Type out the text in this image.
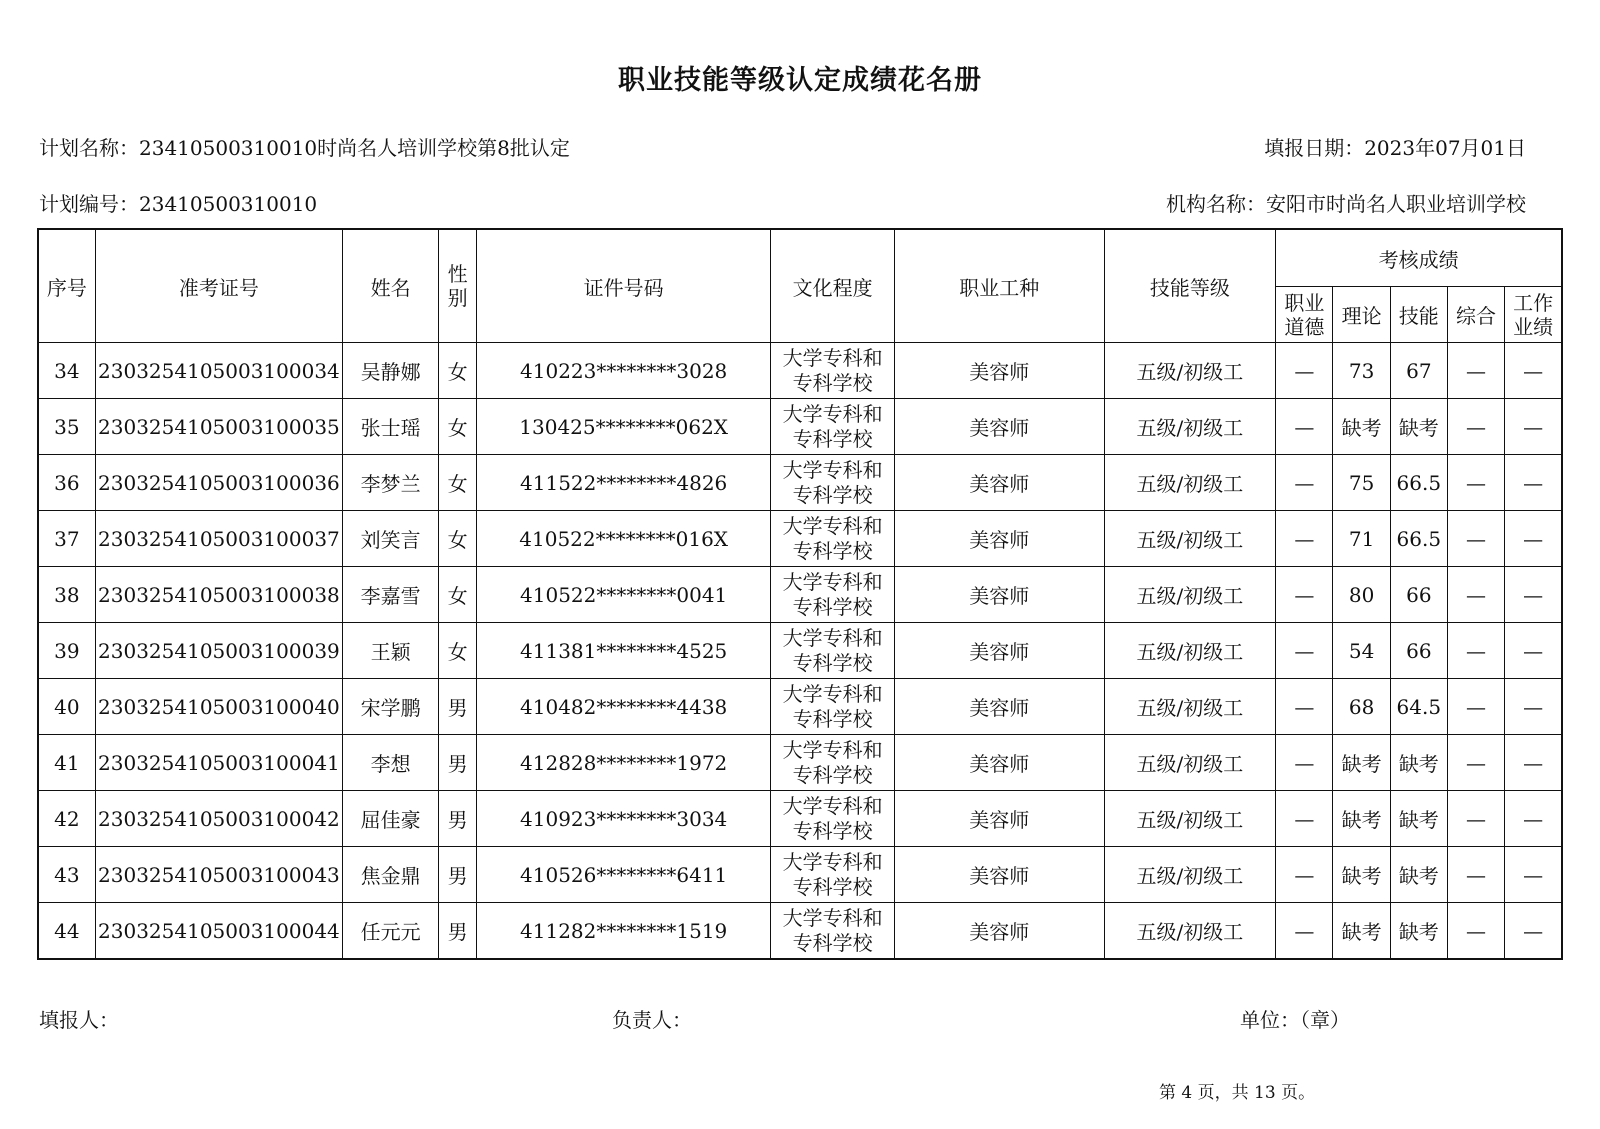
职业技能等级认定成绩花名册
计划名称：23410500310010时尚名人培训学校第8批认定	填报日期：2023年07月01日
计划编号：23410500310010	机构名称：安阳市时尚名人职业培训学校
序号	准考证号	姓名	性
别	证件号码	文化程度	职业工种	技能等级	考核成绩				
								职业
道德	理论	技能	综合	工作
业绩
34	2303254105003100034	吴静娜	女	410223********3028	大学专科和
专科学校	美容师	五级/初级工	—	73	67	—	—
35	2303254105003100035	张士瑶	女	130425********062X	大学专科和
专科学校	美容师	五级/初级工	—	缺考	缺考	—	—
36	2303254105003100036	李梦兰	女	411522********4826	大学专科和
专科学校	美容师	五级/初级工	—	75	66.5	—	—
37	2303254105003100037	刘笑言	女	410522********016X	大学专科和
专科学校	美容师	五级/初级工	—	71	66.5	—	—
38	2303254105003100038	李嘉雪	女	410522********0041	大学专科和
专科学校	美容师	五级/初级工	—	80	66	—	—
39	2303254105003100039	王颖	女	411381********4525	大学专科和
专科学校	美容师	五级/初级工	—	54	66	—	—
40	2303254105003100040	宋学鹏	男	410482********4438	大学专科和
专科学校	美容师	五级/初级工	—	68	64.5	—	—
41	2303254105003100041	李想	男	412828********1972	大学专科和
专科学校	美容师	五级/初级工	—	缺考	缺考	—	—
42	2303254105003100042	屈佳豪	男	410923********3034	大学专科和
专科学校	美容师	五级/初级工	—	缺考	缺考	—	—
43	2303254105003100043	焦金鼎	男	410526********6411	大学专科和
专科学校	美容师	五级/初级工	—	缺考	缺考	—	—
44	2303254105003100044	任元元	男	411282********1519	大学专科和
专科学校	美容师	五级/初级工	—	缺考	缺考	—	—
填报人：	负责人：	单位：（章）
第 4 页，共 13 页。
